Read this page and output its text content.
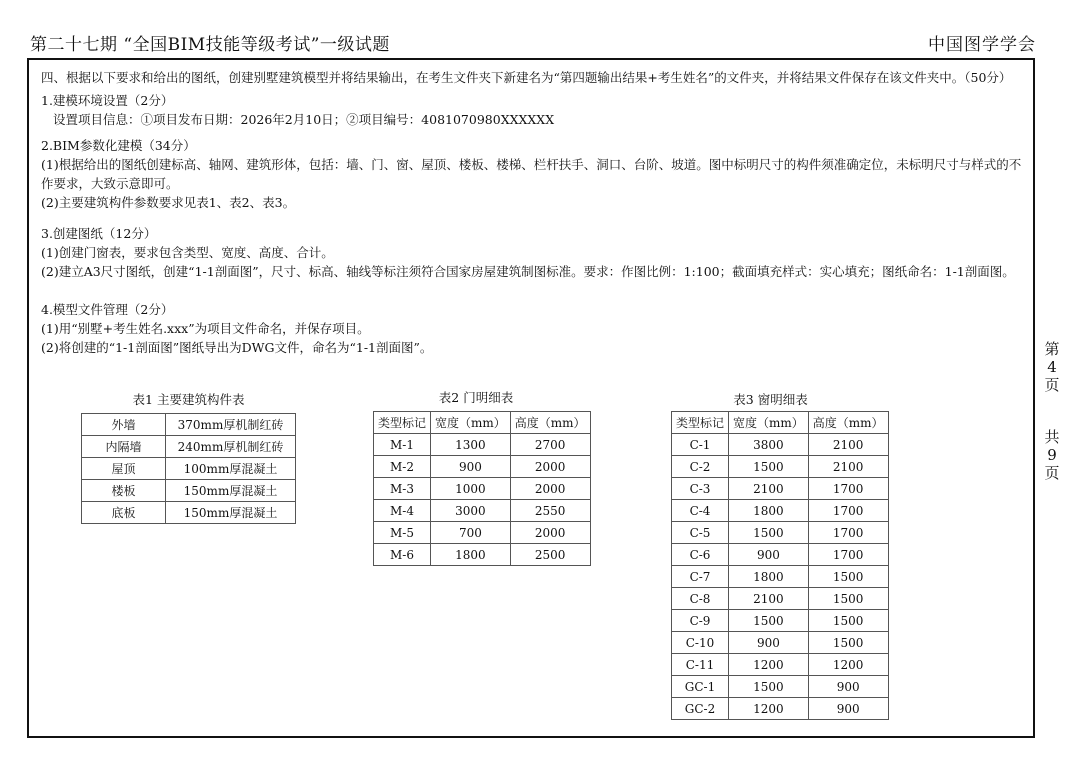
第二十七期 “全国BIM技能等级考试”一级试题	中国图学学会
四、根据以下要求和给出的图纸，创建别墅建筑模型并将结果输出，在考生文件夹下新建名为“第四题输出结果+考生姓名”的文件夹，并将结果文件保存在该文件夹中。（50分）
1.建模环境设置（2分）
设置项目信息：①项目发布日期：2026年2月10日；②项目编号：4081070980XXXXXX
2.BIM参数化建模（34分）
(1)根据给出的图纸创建标高、轴网、建筑形体，包括：墙、门、窗、屋顶、楼板、楼梯、栏杆扶手、洞口、台阶、坡道。图中标明尺寸的构件须准确定位，未标明尺寸与样式的不作要求，大致示意即可。
(2)主要建筑构件参数要求见表1、表2、表3。
3.创建图纸（12分）
(1)创建门窗表，要求包含类型、宽度、高度、合计。
(2)建立A3尺寸图纸，创建“1-1剖面图”，尺寸、标高、轴线等标注须符合国家房屋建筑制图标准。要求：作图比例：1:100；截面填充样式：实心填充；图纸命名：1-1剖面图。
4.模型文件管理（2分）
(1)用“别墅+考生姓名.xxx”为项目文件命名，并保存项目。
(2)将创建的“1-1剖面图”图纸导出为DWG文件，命名为“1-1剖面图”。
表1 主要建筑构件表
外墙	370mm厚机制红砖
内隔墙	240mm厚机制红砖
屋顶	100mm厚混凝土
楼板	150mm厚混凝土
底板	150mm厚混凝土
表2 门明细表
类型标记	宽度（mm）	高度（mm）
M-1	1300	2700
M-2	900	2000
M-3	1000	2000
M-4	3000	2550
M-5	700	2000
M-6	1800	2500
表3 窗明细表
类型标记	宽度（mm）	高度（mm）
C-1	3800	2100
C-2	1500	2100
C-3	2100	1700
C-4	1800	1700
C-5	1500	1700
C-6	900	1700
C-7	1800	1500
C-8	2100	1500
C-9	1500	1500
C-10	900	1500
C-11	1200	1200
GC-1	1500	900
GC-2	1200	900
第
4
页
共
9
页
